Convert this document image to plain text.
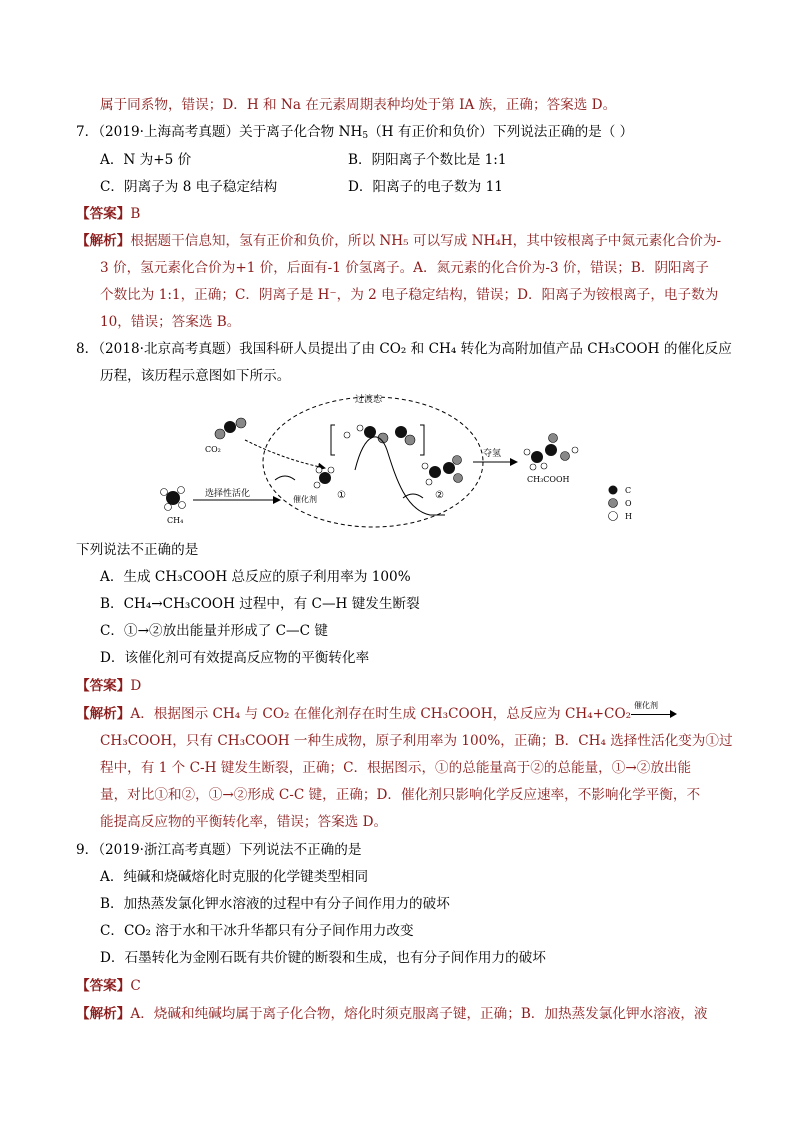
属于同系物，错误；D．H 和 Na 在元素周期表种均处于第 IA 族，正确；答案选 D。
7．（2019·上海高考真题）关于离子化合物 $NH_5(H$ 有正价和负价）下列说法正确的是（ ）
A．N 为+5 价	B．阴阳离子个数比是 1:1
C．阴离子为 8 电子稳定结构	D．阳离子的电子数为 11
【答案】B
【解析】根据题干信息知，氢有正价和负价，所以 NH₅ 可以写成 NH₄H，其中铵根离子中氮元素化合价为-
3 价，氢元素化合价为+1 价，后面有-1 价氢离子。A．氮元素的化合价为-3 价，错误；B．阴阳离子
个数比为 1:1，正确；C．阴离子是 H⁻，为 2 电子稳定结构，错误；D．阳离子为铵根离子，电子数为
10，错误；答案选 B。
8．（2018·北京高考真题）我国科研人员提出了由 CO₂ 和 CH₄ 转化为高附加值产品 CH₃COOH 的催化反应
历程，该历程示意图如下所示。
过渡态
CO₂
CH₄
选择性活化
催化剂 ①	②
夺氢
CH₃COOH
C
O
H
下列说法不正确的是
A．生成 CH₃COOH 总反应的原子利用率为 100%
B．CH₄→CH₃COOH 过程中，有 C—H 键发生断裂
C．①→②放出能量并形成了 C—C 键
D．该催化剂可有效提高反应物的平衡转化率
【答案】D
【解析】A．根据图示 CH₄ 与 CO₂ 在催化剂存在时生成 CH₃COOH，总反应为 CH₄+CO₂
催化剂
CH₃COOH，只有 CH₃COOH 一种生成物，原子利用率为 100%，正确；B．CH₄ 选择性活化变为①过
程中，有 1 个 C-H 键发生断裂，正确；C．根据图示，①的总能量高于②的总能量，①→②放出能
量，对比①和②，①→②形成 C-C 键，正确；D．催化剂只影响化学反应速率，不影响化学平衡，不
能提高反应物的平衡转化率，错误；答案选 D。
9．（2019·浙江高考真题）下列说法不正确的是
A．纯碱和烧碱熔化时克服的化学键类型相同
B．加热蒸发氯化钾水溶液的过程中有分子间作用力的破坏
C．CO₂ 溶于水和干冰升华都只有分子间作用力改变
D．石墨转化为金刚石既有共价键的断裂和生成，也有分子间作用力的破坏
【答案】C
【解析】A．烧碱和纯碱均属于离子化合物，熔化时须克服离子键，正确；B．加热蒸发氯化钾水溶液，液
